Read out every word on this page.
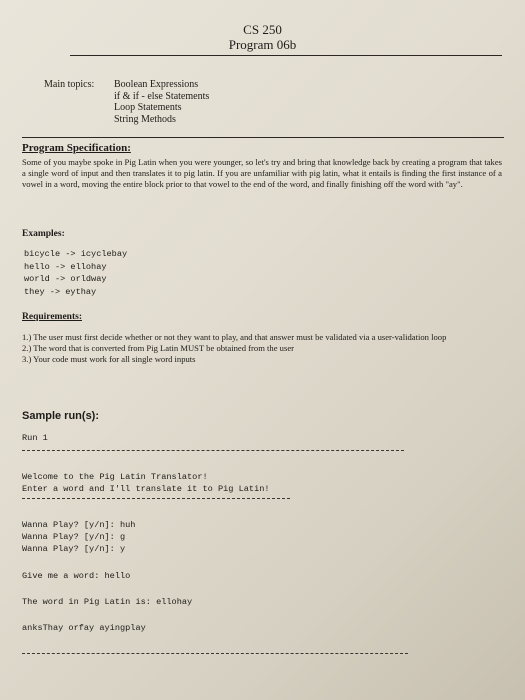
CS 250
Program 06b
Main topics:	Boolean Expressions
if & if - else Statements
Loop Statements
String Methods
Program Specification:
Some of you maybe spoke in Pig Latin when you were younger, so let's try and bring that knowledge back by creating a program that takes a single word of input and then translates it to pig latin. If you are unfamiliar with pig latin, what it entails is finding the first instance of a vowel in a word, moving the entire block prior to that vowel to the end of the word, and finally finishing off the word with "ay".
Examples:
bicycle -> icyclebay
hello -> ellohay
world -> orldway
they -> eythay
Requirements:
1.) The user must first decide whether or not they want to play, and that answer must be validated via a user-validation loop
2.) The word that is converted from Pig Latin MUST be obtained from the user
3.) Your code must work for all single word inputs
Sample run(s):
Run 1
Welcome to the Pig Latin Translator!
Enter a word and I'll translate it to Pig Latin!
Wanna Play? [y/n]: huh
Wanna Play? [y/n]: g
Wanna Play? [y/n]: y
Give me a word: hello
The word in Pig Latin is: ellohay
anksThay orfay ayingplay
